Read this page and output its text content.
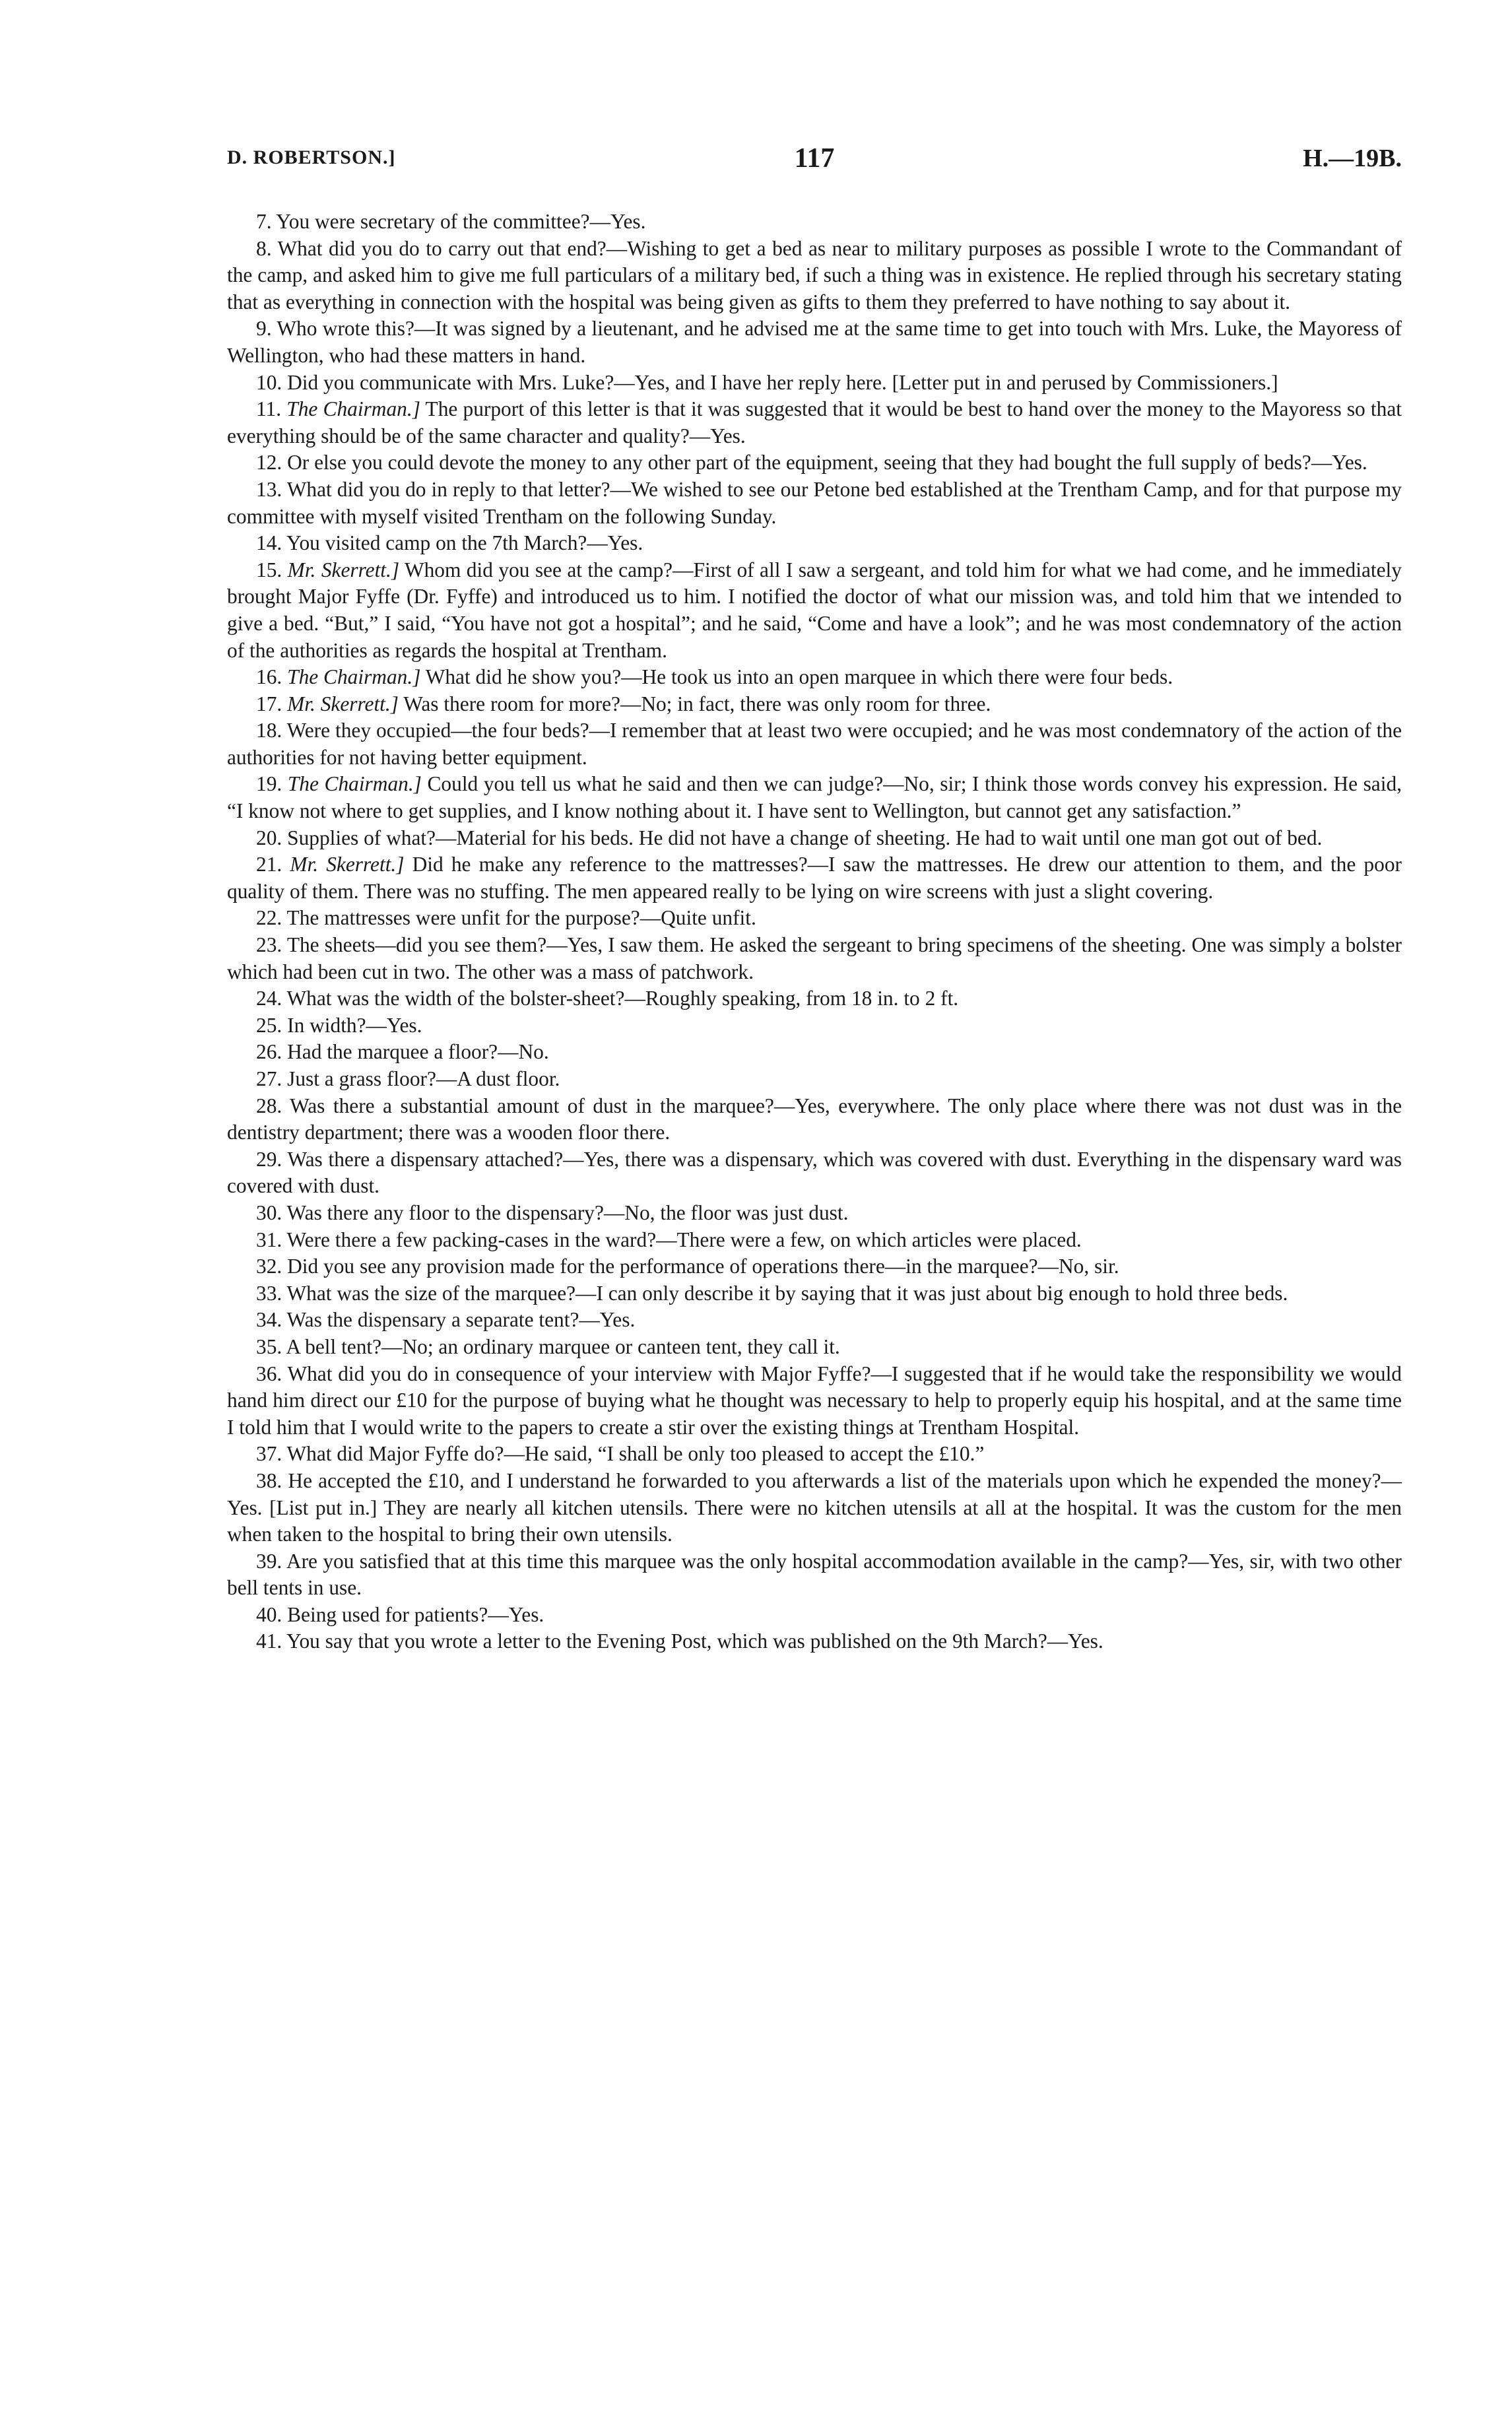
D. ROBERTSON.]	117	H.—19B.

7. You were secretary of the committee?—Yes.

8. What did you do to carry out that end?—Wishing to get a bed as near to military purposes as possible I wrote to the Commandant of the camp, and asked him to give me full particulars of a military bed, if such a thing was in existence. He replied through his secretary stating that as everything in connection with the hospital was being given as gifts to them they preferred to have nothing to say about it.

9. Who wrote this?—It was signed by a lieutenant, and he advised me at the same time to get into touch with Mrs. Luke, the Mayoress of Wellington, who had these matters in hand.

10. Did you communicate with Mrs. Luke?—Yes, and I have her reply here. [Letter put in and perused by Commissioners.]

11. The Chairman.] The purport of this letter is that it was suggested that it would be best to hand over the money to the Mayoress so that everything should be of the same character and quality?—Yes.

12. Or else you could devote the money to any other part of the equipment, seeing that they had bought the full supply of beds?—Yes.

13. What did you do in reply to that letter?—We wished to see our Petone bed established at the Trentham Camp, and for that purpose my committee with myself visited Trentham on the following Sunday.

14. You visited camp on the 7th March?—Yes.

15. Mr. Skerrett.] Whom did you see at the camp?—First of all I saw a sergeant, and told him for what we had come, and he immediately brought Major Fyffe (Dr. Fyffe) and introduced us to him. I notified the doctor of what our mission was, and told him that we intended to give a bed. “But,” I said, “You have not got a hospital”; and he said, “Come and have a look”; and he was most condemnatory of the action of the authorities as regards the hospital at Trentham.

16. The Chairman.] What did he show you?—He took us into an open marquee in which there were four beds.

17. Mr. Skerrett.] Was there room for more?—No; in fact, there was only room for three.

18. Were they occupied—the four beds?—I remember that at least two were occupied; and he was most condemnatory of the action of the authorities for not having better equipment.

19. The Chairman.] Could you tell us what he said and then we can judge?—No, sir; I think those words convey his expression. He said, “I know not where to get supplies, and I know nothing about it. I have sent to Wellington, but cannot get any satisfaction.”

20. Supplies of what?—Material for his beds. He did not have a change of sheeting. He had to wait until one man got out of bed.

21. Mr. Skerrett.] Did he make any reference to the mattresses?—I saw the mattresses. He drew our attention to them, and the poor quality of them. There was no stuffing. The men appeared really to be lying on wire screens with just a slight covering.

22. The mattresses were unfit for the purpose?—Quite unfit.

23. The sheets—did you see them?—Yes, I saw them. He asked the sergeant to bring specimens of the sheeting. One was simply a bolster which had been cut in two. The other was a mass of patchwork.

24. What was the width of the bolster-sheet?—Roughly speaking, from 18 in. to 2 ft.

25. In width?—Yes.

26. Had the marquee a floor?—No.

27. Just a grass floor?—A dust floor.

28. Was there a substantial amount of dust in the marquee?—Yes, everywhere. The only place where there was not dust was in the dentistry department; there was a wooden floor there.

29. Was there a dispensary attached?—Yes, there was a dispensary, which was covered with dust. Everything in the dispensary ward was covered with dust.

30. Was there any floor to the dispensary?—No, the floor was just dust.

31. Were there a few packing-cases in the ward?—There were a few, on which articles were placed.

32. Did you see any provision made for the performance of operations there—in the marquee?—No, sir.

33. What was the size of the marquee?—I can only describe it by saying that it was just about big enough to hold three beds.

34. Was the dispensary a separate tent?—Yes.

35. A bell tent?—No; an ordinary marquee or canteen tent, they call it.

36. What did you do in consequence of your interview with Major Fyffe?—I suggested that if he would take the responsibility we would hand him direct our £10 for the purpose of buying what he thought was necessary to help to properly equip his hospital, and at the same time I told him that I would write to the papers to create a stir over the existing things at Trentham Hospital.

37. What did Major Fyffe do?—He said, “I shall be only too pleased to accept the £10.”

38. He accepted the £10, and I understand he forwarded to you afterwards a list of the materials upon which he expended the money?—Yes. [List put in.] They are nearly all kitchen utensils. There were no kitchen utensils at all at the hospital. It was the custom for the men when taken to the hospital to bring their own utensils.

39. Are you satisfied that at this time this marquee was the only hospital accommodation available in the camp?—Yes, sir, with two other bell tents in use.

40. Being used for patients?—Yes.

41. You say that you wrote a letter to the Evening Post, which was published on the 9th March?—Yes.
